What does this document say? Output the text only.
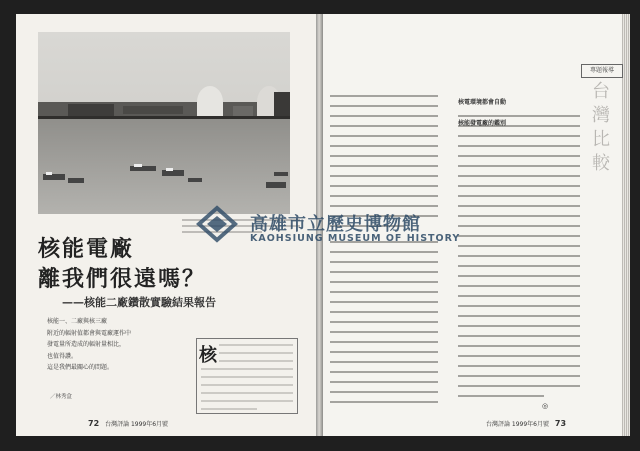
核能電廠
離我們很遠嗎？
——核能二廠鑽散實驗結果報告
核能一、二廠與核三廠
附近的輻射值都會與電廠運作中
發電量所造成的輻射量相比，
也值得讚。
這是我們最關心的問題。
／林秀盒
核
72 台灣評論 1999年6月號
核電環境都會自動
核能發電廠的鑑別
專題報導
台灣比較
◎
台灣評論 1999年6月號 73
高雄市立歷史博物館
KAOHSIUNG MUSEUM OF HISTORY
